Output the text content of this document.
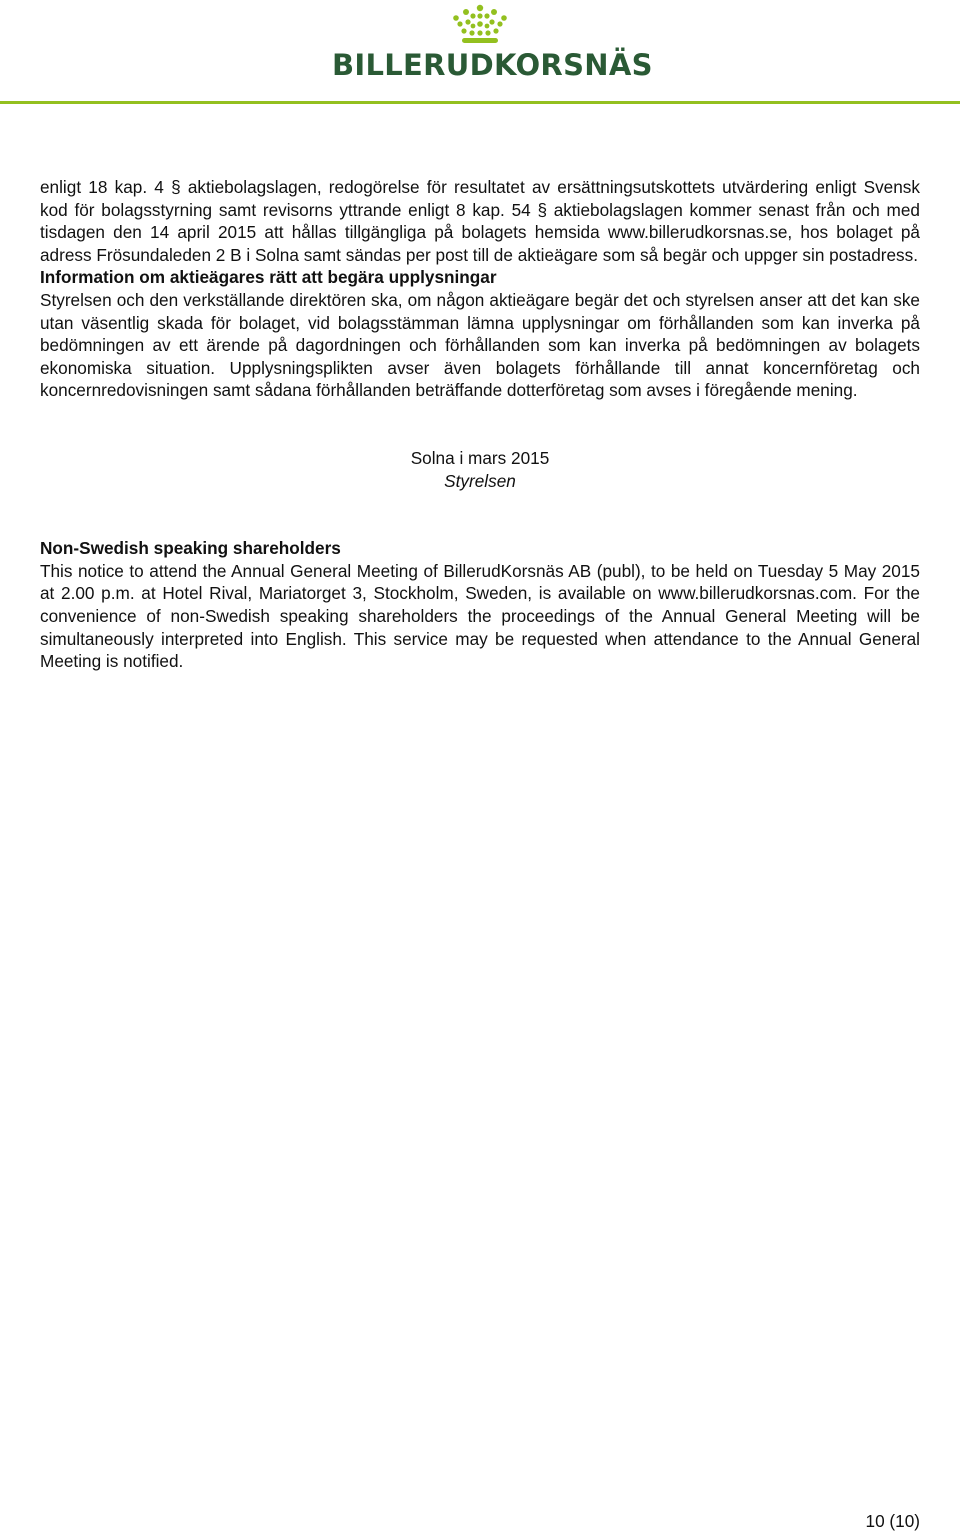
BILLERUDKORSNÄS

enligt 18 kap. 4 § aktiebolagslagen, redogörelse för resultatet av ersättningsutskottets utvärdering enligt Svensk kod för bolagsstyrning samt revisorns yttrande enligt 8 kap. 54 § aktiebolagslagen kommer senast från och med tisdagen den 14 april 2015 att hållas tillgängliga på bolagets hemsida www.billerudkorsnas.se, hos bolaget på adress Frösundaleden 2 B i Solna samt sändas per post till de aktieägare som så begär och uppger sin postadress.

Information om aktieägares rätt att begära upplysningar

Styrelsen och den verkställande direktören ska, om någon aktieägare begär det och styrelsen anser att det kan ske utan väsentlig skada för bolaget, vid bolagsstämman lämna upplysningar om förhållanden som kan inverka på bedömningen av ett ärende på dagordningen och förhållanden som kan inverka på bedömningen av bolagets ekonomiska situation. Upplysningsplikten avser även bolagets förhållande till annat koncernföretag och koncernredovisningen samt sådana förhållanden beträffande dotterföretag som avses i föregående mening.

Solna i mars 2015
Styrelsen

Non-Swedish speaking shareholders

This notice to attend the Annual General Meeting of BillerudKorsnäs AB (publ), to be held on Tuesday 5 May 2015 at 2.00 p.m. at Hotel Rival, Mariatorget 3, Stockholm, Sweden, is available on www.billerudkorsnas.com. For the convenience of non-Swedish speaking shareholders the proceedings of the Annual General Meeting will be simultaneously interpreted into English. This service may be requested when attendance to the Annual General Meeting is notified.

10 (10)
